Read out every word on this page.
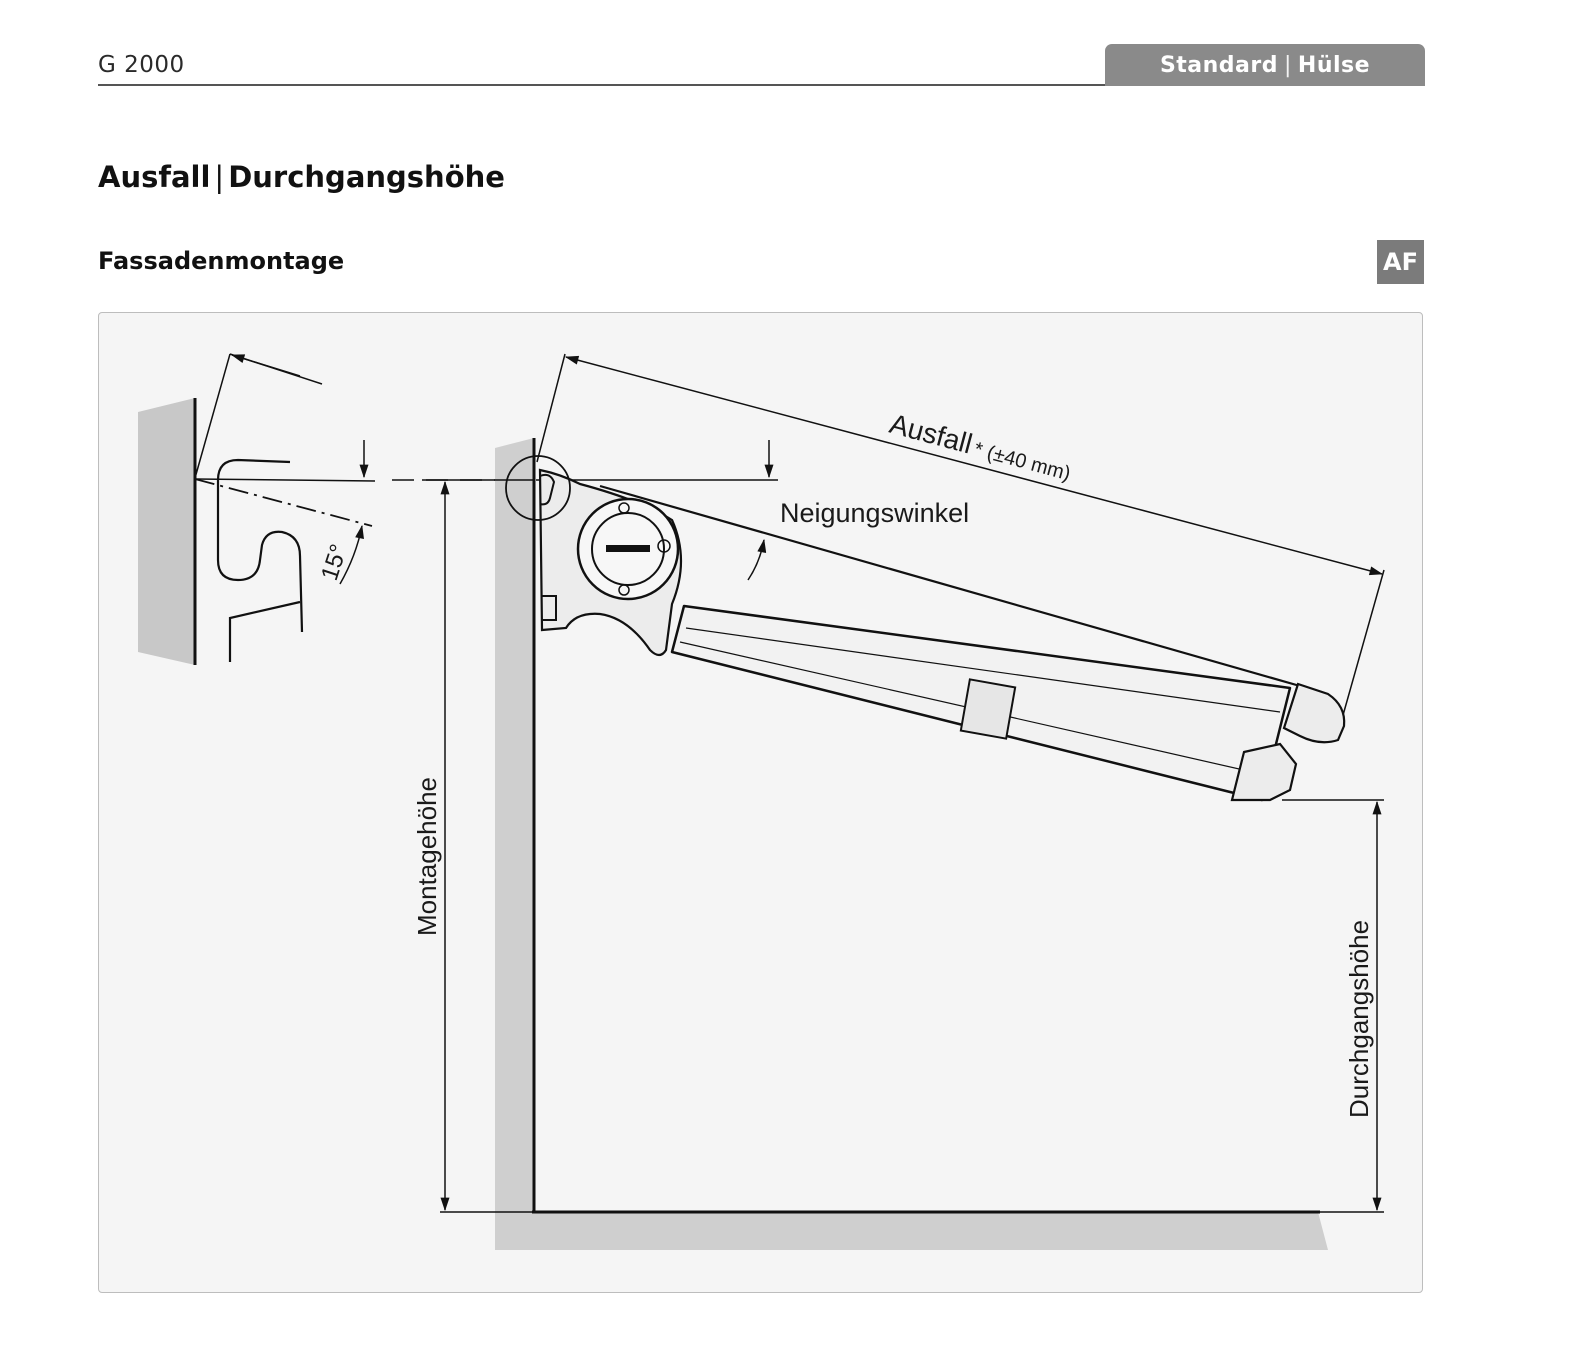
G 2000	Standard | Hülse
Ausfall | Durchgangshöhe
Fassadenmontage	AF
15°
Montagehöhe
Ausfall* (±40 mm)
Neigungswinkel
Durchgangshöhe
